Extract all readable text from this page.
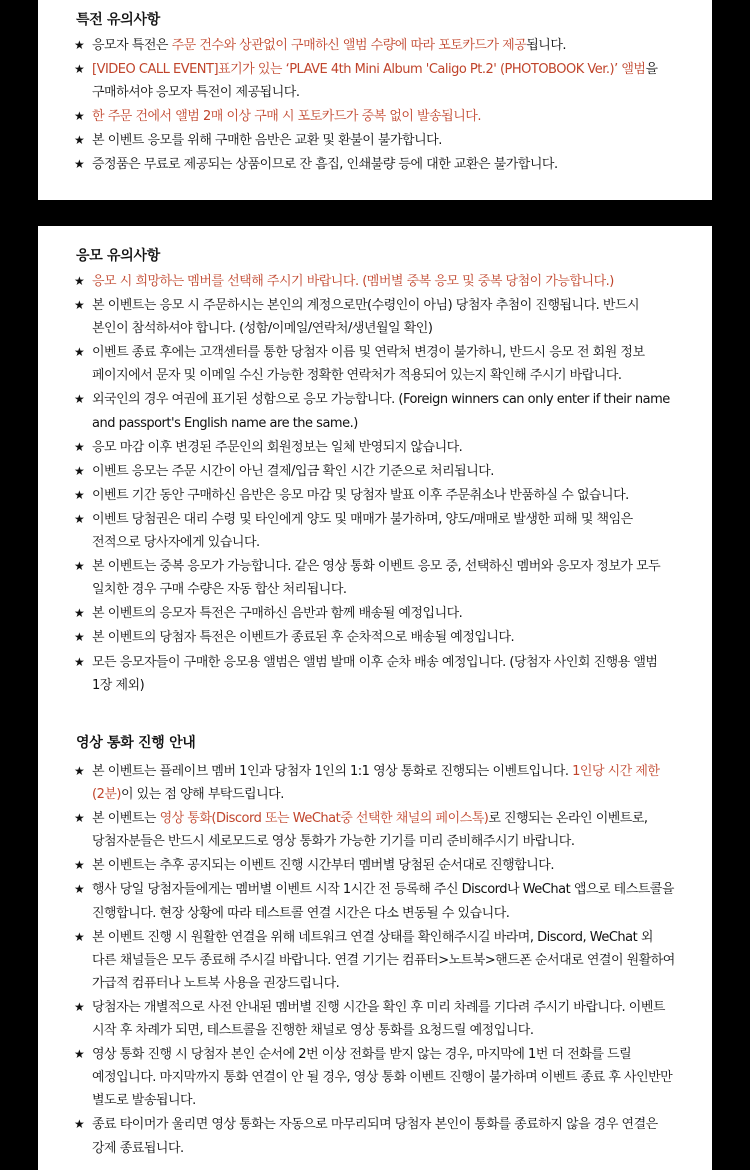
특전 유의사항
★ 응모자 특전은 주문 건수와 상관없이 구매하신 앨범 수량에 따라 포토카드가 제공됩니다.
★ [VIDEO CALL EVENT]표기가 있는 ‘PLAVE 4th Mini Album 'Caligo Pt.2' (PHOTOBOOK Ver.)’ 앨범을 구매하셔야 응모자 특전이 제공됩니다.
★ 한 주문 건에서 앨범 2매 이상 구매 시 포토카드가 중복 없이 발송됩니다.
★ 본 이벤트 응모를 위해 구매한 음반은 교환 및 환불이 불가합니다.
★ 증정품은 무료로 제공되는 상품이므로 잔 흠집, 인쇄불량 등에 대한 교환은 불가합니다.
응모 유의사항
★ 응모 시 희망하는 멤버를 선택해 주시기 바랍니다. (멤버별 중복 응모 및 중복 당첨이 가능합니다.)
★ 본 이벤트는 응모 시 주문하시는 본인의 계정으로만(수령인이 아님) 당첨자 추첨이 진행됩니다. 반드시 본인이 참석하셔야 합니다. (성함/이메일/연락처/생년월일 확인)
★ 이벤트 종료 후에는 고객센터를 통한 당첨자 이름 및 연락처 변경이 불가하니, 반드시 응모 전 회원 정보 페이지에서 문자 및 이메일 수신 가능한 정확한 연락처가 적용되어 있는지 확인해 주시기 바랍니다.
★ 외국인의 경우 여권에 표기된 성함으로 응모 가능합니다. (Foreign winners can only enter if their name and passport's English name are the same.)
★ 응모 마감 이후 변경된 주문인의 회원정보는 일체 반영되지 않습니다.
★ 이벤트 응모는 주문 시간이 아닌 결제/입금 확인 시간 기준으로 처리됩니다.
★ 이벤트 기간 동안 구매하신 음반은 응모 마감 및 당첨자 발표 이후 주문취소나 반품하실 수 없습니다.
★ 이벤트 당첨권은 대리 수령 및 타인에게 양도 및 매매가 불가하며, 양도/매매로 발생한 피해 및 책임은 전적으로 당사자에게 있습니다.
★ 본 이벤트는 중복 응모가 가능합니다. 같은 영상 통화 이벤트 응모 중, 선택하신 멤버와 응모자 정보가 모두 일치한 경우 구매 수량은 자동 합산 처리됩니다.
★ 본 이벤트의 응모자 특전은 구매하신 음반과 함께 배송될 예정입니다.
★ 본 이벤트의 당첨자 특전은 이벤트가 종료된 후 순차적으로 배송될 예정입니다.
★ 모든 응모자들이 구매한 응모용 앨범은 앨범 발매 이후 순차 배송 예정입니다. (당첨자 사인회 진행용 앨범 1장 제외)
영상 통화 진행 안내
★ 본 이벤트는 플레이브 멤버 1인과 당첨자 1인의 1:1 영상 통화로 진행되는 이벤트입니다. 1인당 시간 제한(2분)이 있는 점 양해 부탁드립니다.
★ 본 이벤트는 영상 통화(Discord 또는 WeChat중 선택한 채널의 페이스톡)로 진행되는 온라인 이벤트로, 당첨자분들은 반드시 세로모드로 영상 통화가 가능한 기기를 미리 준비해주시기 바랍니다.
★ 본 이벤트는 추후 공지되는 이벤트 진행 시간부터 멤버별 당첨된 순서대로 진행합니다.
★ 행사 당일 당첨자들에게는 멤버별 이벤트 시작 1시간 전 등록해 주신 Discord나 WeChat 앱으로 테스트콜을 진행합니다. 현장 상황에 따라 테스트콜 연결 시간은 다소 변동될 수 있습니다.
★ 본 이벤트 진행 시 원활한 연결을 위해 네트워크 연결 상태를 확인해주시길 바라며, Discord, WeChat 외 다른 채널들은 모두 종료해 주시길 바랍니다. 연결 기기는 컴퓨터>노트북>핸드폰 순서대로 연결이 원활하여 가급적 컴퓨터나 노트북 사용을 권장드립니다.
★ 당첨자는 개별적으로 사전 안내된 멤버별 진행 시간을 확인 후 미리 차례를 기다려 주시기 바랍니다. 이벤트 시작 후 차례가 되면, 테스트콜을 진행한 채널로 영상 통화를 요청드릴 예정입니다.
★ 영상 통화 진행 시 당첨자 본인 순서에 2번 이상 전화를 받지 않는 경우, 마지막에 1번 더 전화를 드릴 예정입니다. 마지막까지 통화 연결이 안 될 경우, 영상 통화 이벤트 진행이 불가하며 이벤트 종료 후 사인반만 별도로 발송됩니다.
★ 종료 타이머가 울리면 영상 통화는 자동으로 마무리되며 당첨자 본인이 통화를 종료하지 않을 경우 연결은 강제 종료됩니다.
